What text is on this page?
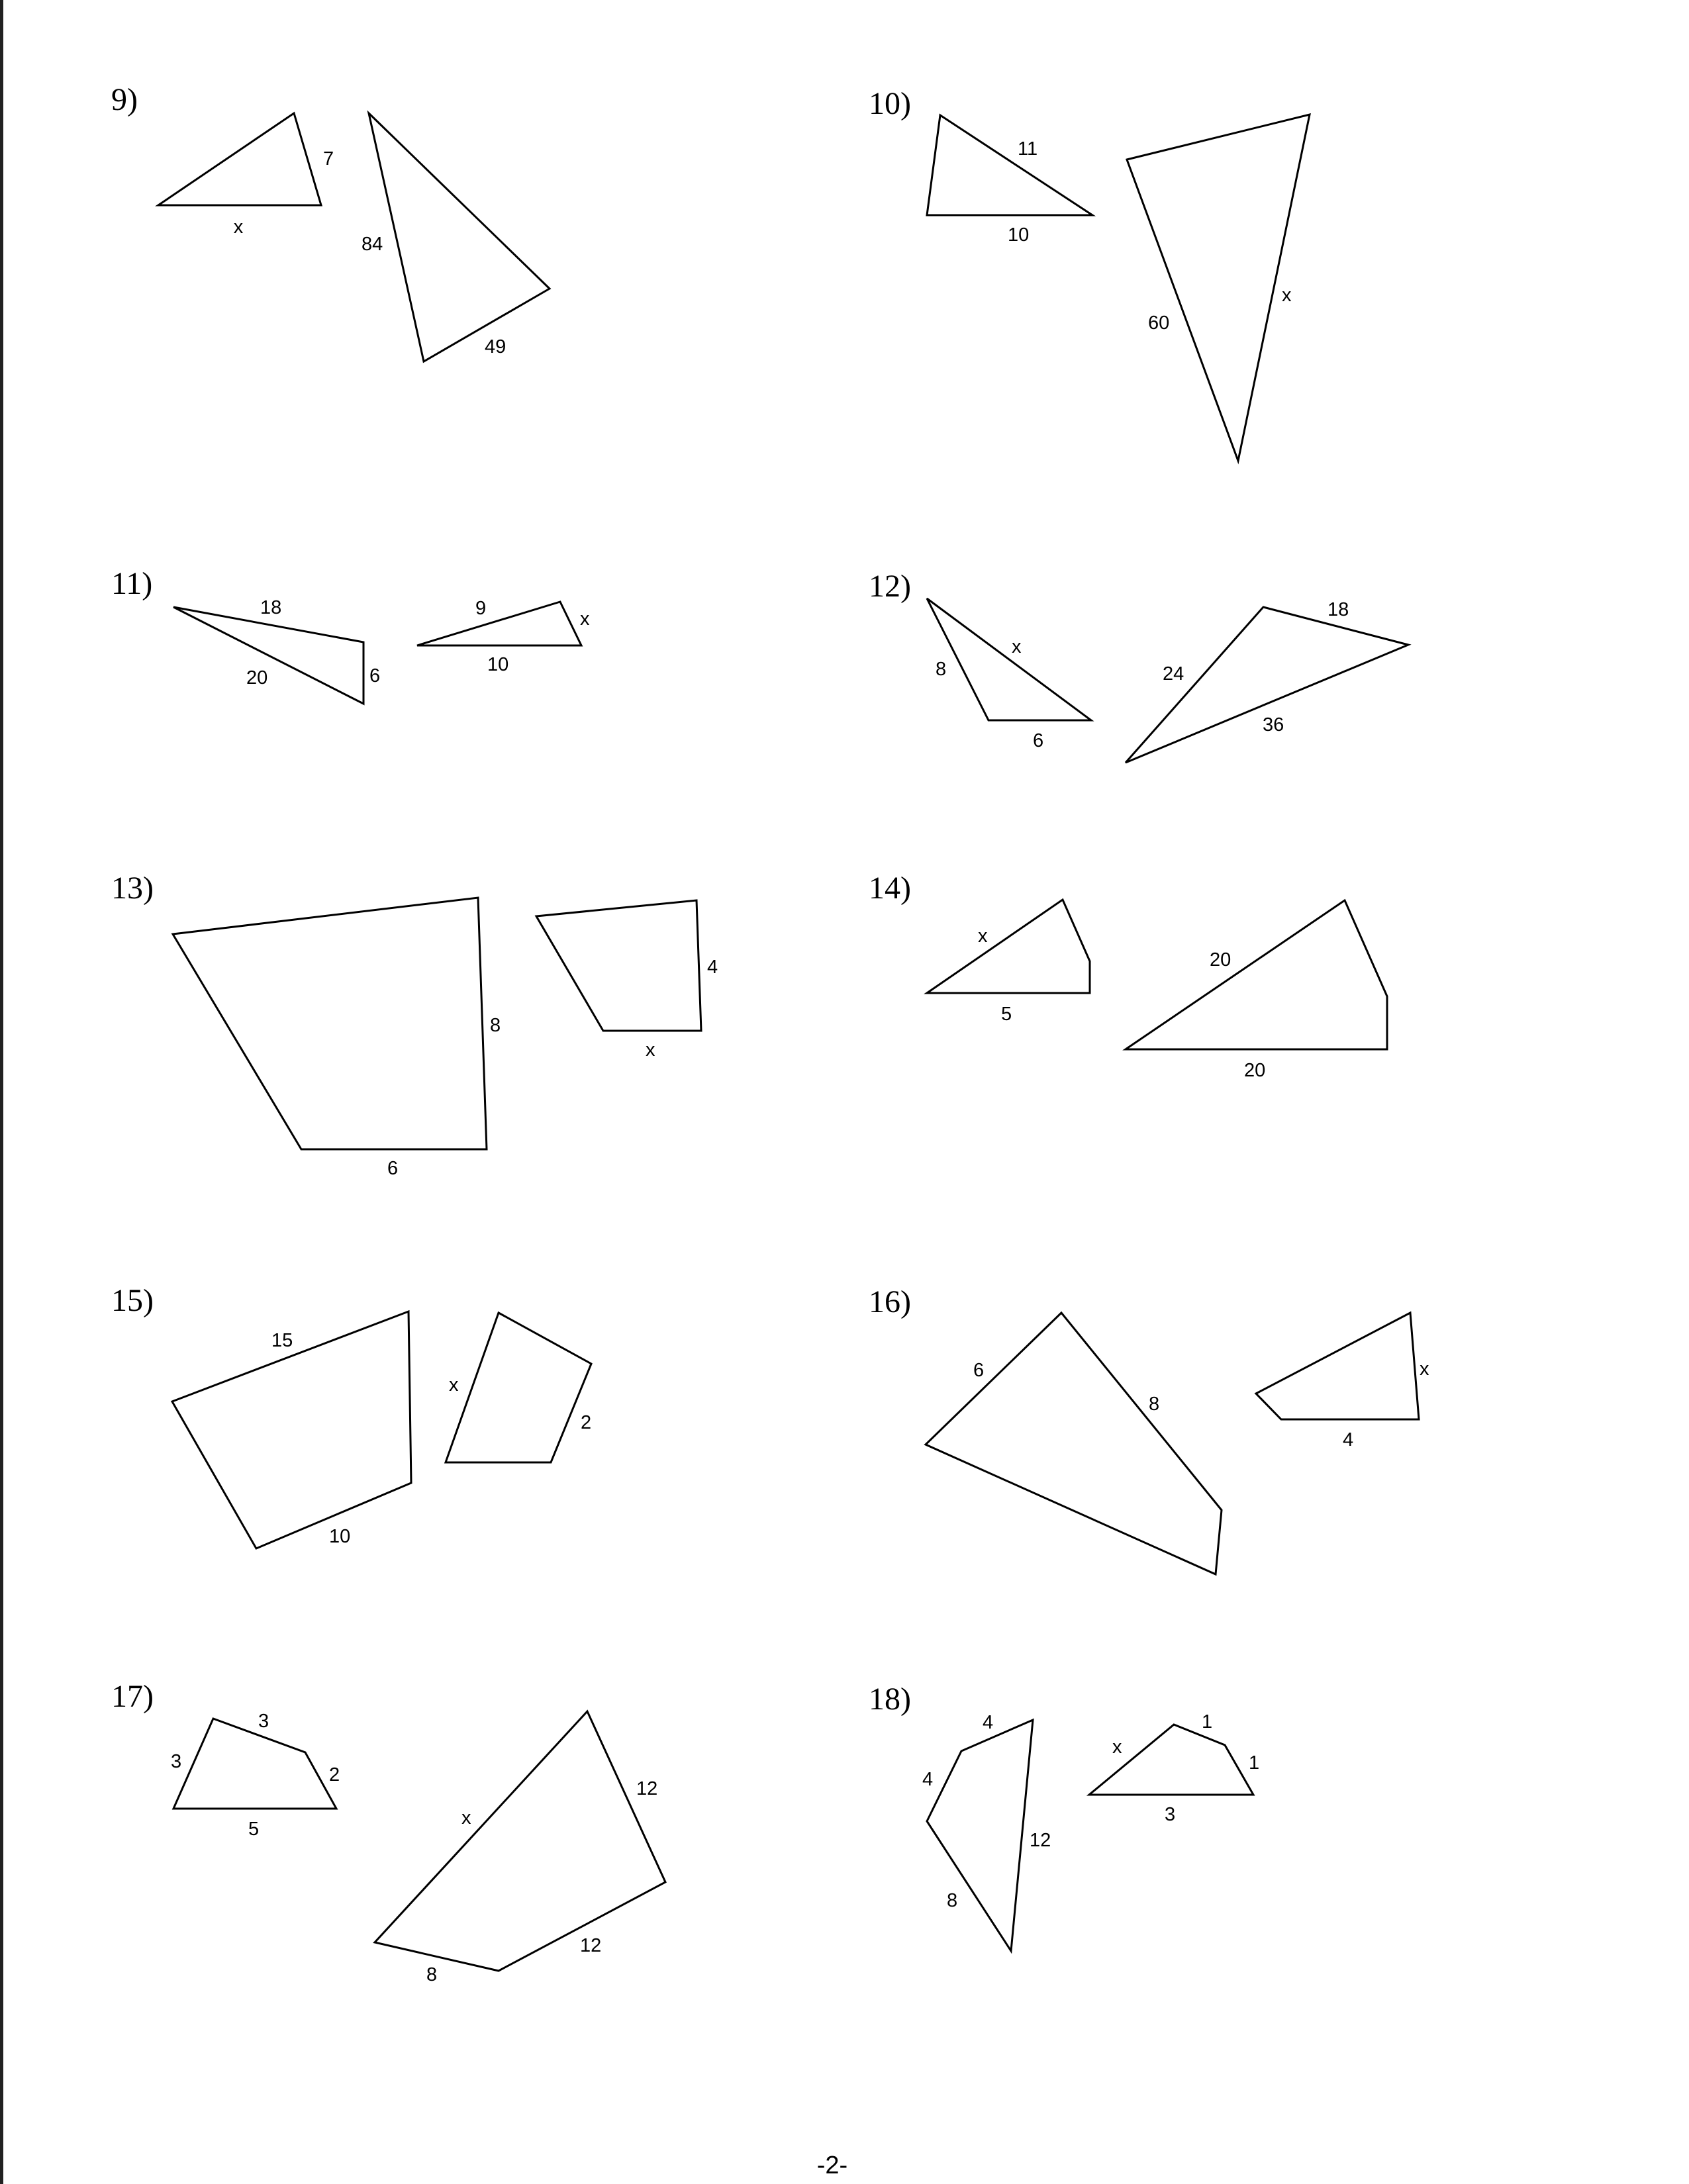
9)
7
x
84
49
10)
11
10
60
x
11)
18
20	6
9	x
10
12)
x
8
6
18
24
36
13)
8
6
4
x
14)
x
5
20
20
15)
15
10
x
2
16)
6
8
x
4
17)
3
3
2
5
x
12
8
12
18)
4
4
12
8
x
1
1
3
-2-
